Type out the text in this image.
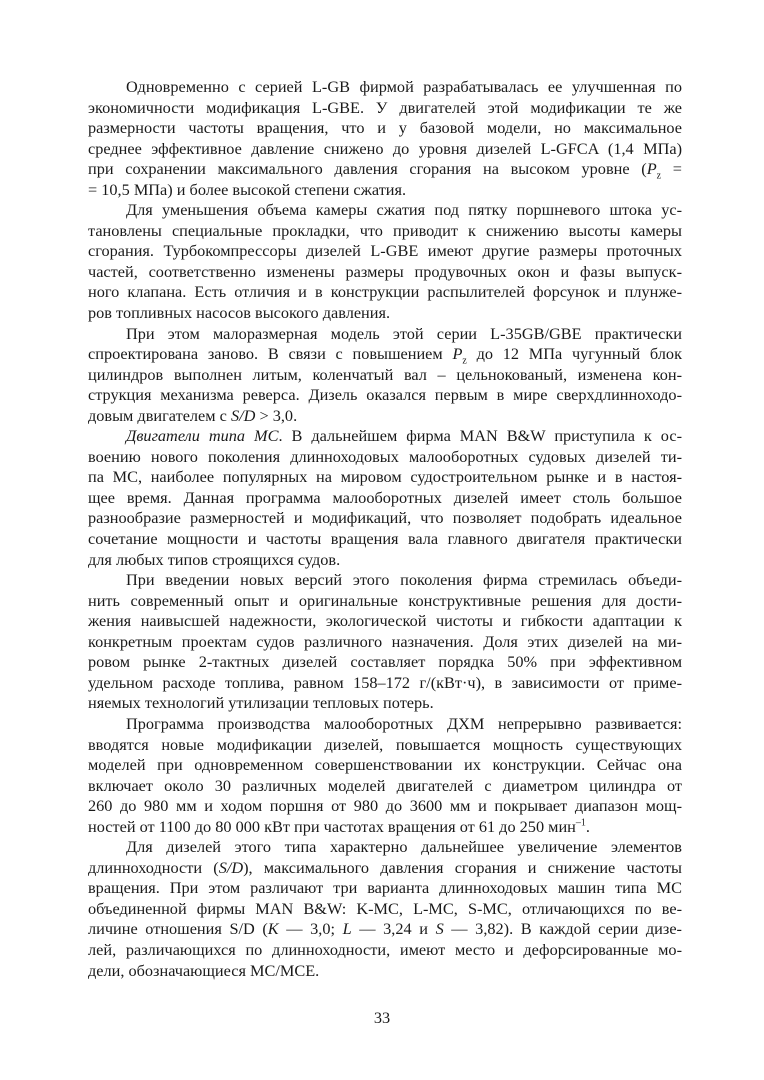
Одновременно с серией L-GB фирмой разрабатывалась ее улучшенная по
экономичности модификация L-GBE. У двигателей этой модификации те же
размерности частоты вращения, что и у базовой модели, но максимальное
среднее эффективное давление снижено до уровня дизелей L-GFCA (1,4 МПа)
при сохранении максимального давления сгорания на высоком уровне ($P_z$ =
= 10,5 МПа) и более высокой степени сжатия.
Для уменьшения объема камеры сжатия под пятку поршневого штока ус-
тановлены специальные прокладки, что приводит к снижению высоты камеры
сгорания. Турбокомпрессоры дизелей L-GBE имеют другие размеры проточных
частей, соответственно изменены размеры продувочных окон и фазы выпуск-
ного клапана. Есть отличия и в конструкции распылителей форсунок и плунже-
ров топливных насосов высокого давления.
При этом малоразмерная модель этой серии L-35GB/GBE практически
спроектирована заново. В связи с повышением $P_z$ до 12 МПа чугунный блок
цилиндров выполнен литым, коленчатый вал – цельнокованый, изменена кон-
струкция механизма реверса. Дизель оказался первым в мире сверхдлинноходо-
довым двигателем с S/D > 3,0.
Двигатели типа МС. В дальнейшем фирма MAN B&W приступила к ос-
воению нового поколения длинноходовых малооборотных судовых дизелей ти-
па МС, наиболее популярных на мировом судостроительном рынке и в настоя-
щее время. Данная программа малооборотных дизелей имеет столь большое
разнообразие размерностей и модификаций, что позволяет подобрать идеальное
сочетание мощности и частоты вращения вала главного двигателя практически
для любых типов строящихся судов.
При введении новых версий этого поколения фирма стремилась объеди-
нить современный опыт и оригинальные конструктивные решения для дости-
жения наивысшей надежности, экологической чистоты и гибкости адаптации к
конкретным проектам судов различного назначения. Доля этих дизелей на ми-
ровом рынке 2-тактных дизелей составляет порядка 50% при эффективном
удельном расходе топлива, равном 158–172 г/(кВт·ч), в зависимости от приме-
няемых технологий утилизации тепловых потерь.
Программа производства малооборотных ДХМ непрерывно развивается:
вводятся новые модификации дизелей, повышается мощность существующих
моделей при одновременном совершенствовании их конструкции. Сейчас она
включает около 30 различных моделей двигателей с диаметром цилиндра от
260 до 980 мм и ходом поршня от 980 до 3600 мм и покрывает диапазон мощ-
ностей от 1100 до 80 000 кВт при частотах вращения от 61 до 250 мин$^{-1}$.
Для дизелей этого типа характерно дальнейшее увеличение элементов
длинноходности (S/D), максимального давления сгорания и снижение частоты
вращения. При этом различают три варианта длинноходовых машин типа МС
объединенной фирмы MAN B&W: K-MC, L-MC, S-MC, отличающихся по ве-
личине отношения S/D (K — 3,0; L — 3,24 и S — 3,82). В каждой серии дизе-
лей, различающихся по длинноходности, имеют место и дефорсированные мо-
дели, обозначающиеся МС/МСЕ.
33
